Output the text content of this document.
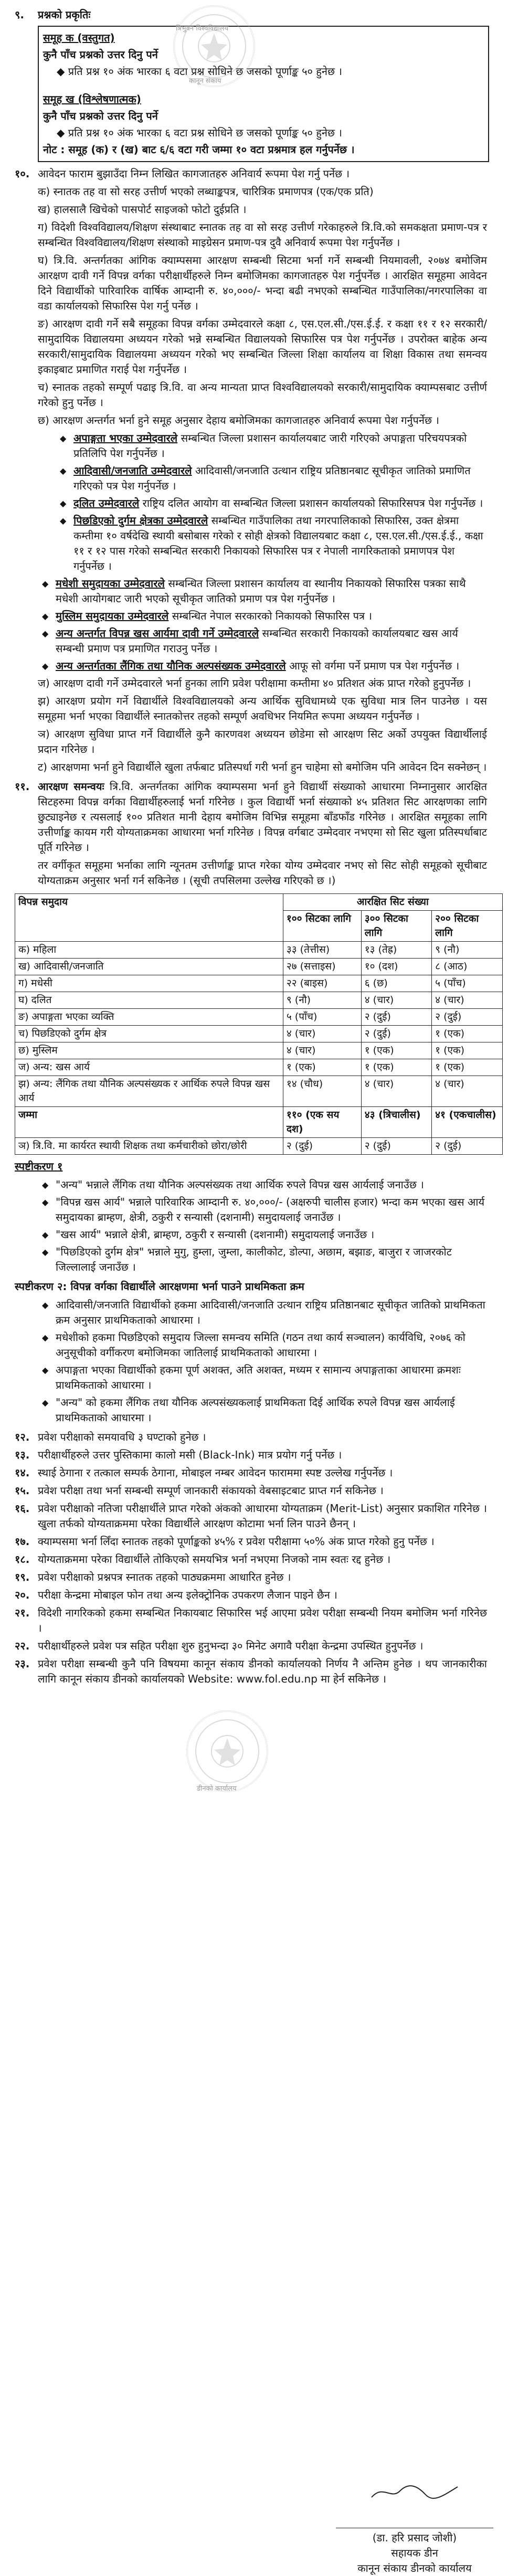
९.	प्रश्नको प्रकृतिः
समूह क (वस्तुगत)
कुनै पाँच प्रश्नको उत्तर दिनु पर्ने
◆ प्रति प्रश्न १० अंक भारका ६ वटा प्रश्न सोधिने छ जसको पूर्णाङ्क ५० हुनेछ ।
समूह ख (विश्लेषणात्मक)
कुनै पाँच प्रश्नको उत्तर दिनु पर्ने
◆ प्रति प्रश्न १० अंक भारका ६ वटा प्रश्न सोधिने छ जसको पूर्णाङ्क ५० हुनेछ ।
नोट : समूह (क) र (ख) बाट ६/६ वटा गरी जम्मा १० वटा प्रश्नमात्र हल गर्नुपर्नेछ ।
१०. आवेदन फाराम बुझाउँदा निम्न लिखित कागजातहरु अनिवार्य रूपमा पेश गर्नु पर्नेछ ।
क) स्नातक तह वा सो सरह उत्तीर्ण भएको लब्धाङ्कपत्र, चारित्रिक प्रमाणपत्र (एक/एक प्रति)
ख) हालसालै खिचेको पासपोर्ट साइजको फोटो दुईप्रति ।
ग) विदेशी विश्वविद्यालय/शिक्षण संस्थाबाट स्नातक तह वा सो सरह उत्तीर्ण गरेकाहरुले त्रि.वि.को समकक्षता प्रमाण-पत्र र सम्बन्धित विश्वविद्यालय/शिक्षण संस्थाको माइग्रेसन प्रमाण-पत्र दुवै अनिवार्य रूपमा पेश गर्नुपर्नेछ ।
घ) त्रि.वि. अन्तर्गतका आंगिक क्याम्पसमा आरक्षण सम्बन्धी सिटमा भर्ना गर्ने सम्बन्धी नियमावली, २०७४ बमोजिम आरक्षण दावी गर्ने विपन्न वर्गका परीक्षार्थीहरुले निम्न बमोजिमका कागजातहरु पेश गर्नुपर्नेछ । आरक्षित समूहमा आवेदन दिने विद्यार्थीको पारिवारिक वार्षिक आम्दानी रु. ४०,०००/- भन्दा बढी नभएको सम्बन्धित गाउँपालिका/नगरपालिका वा वडा कार्यालयको सिफारिस पेश गर्नु पर्नेछ ।
ङ) आरक्षण दावी गर्ने सबै समूहका विपन्न वर्गका उम्मेदवारले कक्षा ८, एस.एल.सी./एस.ई.ई. र कक्षा ११ र १२ सरकारी/सामुदायिक विद्यालयमा अध्ययन गरेको भन्ने सम्बन्धित विद्यालयको सिफारिस पत्र पेश गर्नुपर्नेछ । उपरोक्त बाहेक अन्य सरकारी/सामुदायिक विद्यालयमा अध्ययन गरेको भए सम्बन्धित जिल्ला शिक्षा कार्यालय वा शिक्षा विकास तथा समन्वय इकाइबाट प्रमाणित गराई पेश गर्नुपर्नेछ ।
च) स्नातक तहको सम्पूर्ण पढाइ त्रि.वि. वा अन्य मान्यता प्राप्त विश्वविद्यालयको सरकारी/सामुदायिक क्याम्पसबाट उत्तीर्ण गरेको हुनु पर्नेछ ।
छ) आरक्षण अन्तर्गत भर्ना हुने समूह अनुसार देहाय बमोजिमका कागजातहरु अनिवार्य रूपमा पेश गर्नुपर्नेछ ।
◆ अपाङ्गता भएका उम्मेदवारले सम्बन्धित जिल्ला प्रशासन कार्यालयबाट जारी गरिएको अपाङ्गता परिचयपत्रको प्रतिलिपि पेश गर्नुपर्नेछ ।
◆ आदिवासी/जनजाति उम्मेदवारले आदिवासी/जनजाति उत्थान राष्ट्रिय प्रतिष्ठानबाट सूचीकृत जातिको प्रमाणित गरिएको पत्र पेश गर्नुपर्नेछ ।
◆ दलित उम्मेदवारले राष्ट्रिय दलित आयोग वा सम्बन्धित जिल्ला प्रशासन कार्यालयको सिफारिसपत्र पेश गर्नुपर्नेछ ।
◆ पिछडिएको दुर्गम क्षेत्रका उम्मेदवारले सम्बन्धित गाउँपालिका तथा नगरपालिकाको सिफारिस, उक्त क्षेत्रमा कम्तीमा १० वर्षदेखि स्थायी बसोबास गरेको र सोही क्षेत्रको विद्यालयबाट कक्षा ८, एस.एल.सी./एस.ई.ई., कक्षा ११ र १२ पास गरेको सम्बन्धित सरकारी निकायको सिफारिस पत्र र नेपाली नागरिकताको प्रमाणपत्र पेश गर्नुपर्नेछ ।
◆ मधेशी समुदायका उम्मेदवारले सम्बन्धित जिल्ला प्रशासन कार्यालय वा स्थानीय निकायको सिफारिस पत्रका साथै मधेशी आयोगबाट जारी भएको सूचीकृत जातिको प्रमाण पत्र पेश गर्नुपर्नेछ ।
◆ मुस्लिम समुदायका उम्मेदवारले सम्बन्धित नेपाल सरकारको निकायको सिफारिस पत्र ।
◆ अन्य अन्तर्गत विपन्न खस आर्यमा दावी गर्ने उम्मेदवारले सम्बन्धित सरकारी निकायको कार्यालयबाट खस आर्य सम्बन्धी प्रमाण पत्र प्रमाणित गराउनु पर्नेछ ।
◆ अन्य अन्तर्गतका लैंगिक तथा यौनिक अल्पसंख्यक उम्मेदवारले आफू सो वर्गमा पर्ने प्रमाण पत्र पेश गर्नुपर्नेछ ।
ज) आरक्षण दावी गर्ने उम्मेदवारले भर्ना हुनका लागि प्रवेश परीक्षामा कम्तीमा ४० प्रतिशत अंक प्राप्त गरेको हुनुपर्नेछ ।
झ) आरक्षण प्रयोग गर्ने विद्यार्थीले विश्वविद्यालयको अन्य आर्थिक सुविधामध्ये एक सुविधा मात्र लिन पाउनेछ । यस समूहमा भर्ना भएका विद्यार्थीले स्नातकोत्तर तहको सम्पूर्ण अवधिभर नियमित रूपमा अध्ययन गर्नुपर्नेछ ।
ञ) आरक्षण सुविधा प्राप्त गर्ने विद्यार्थीले कुनै कारणवश अध्ययन छोडेमा सो आरक्षण सिट अर्को उपयुक्त विद्यार्थीलाई प्रदान गरिनेछ ।
ट) आरक्षणमा भर्ना हुने विद्यार्थीले खुला तर्फबाट प्रतिस्पर्धा गरी भर्ना हुन चाहेमा सो बमोजिम पनि आवेदन दिन सक्नेछन् ।
११. आरक्षण समन्वयः त्रि.वि. अन्तर्गतका आंगिक क्याम्पसमा भर्ना हुने विद्यार्थी संख्याको आधारमा निम्नानुसार आरक्षित सिटहरुमा विपन्न वर्गका विद्यार्थीहरुलाई भर्ना गरिनेछ । कुल विद्यार्थी भर्ना संख्याको ४५ प्रतिशत सिट आरक्षणका लागि छुट्याइनेछ र त्यसलाई १०० प्रतिशत मानी देहाय बमोजिम विभिन्न समूहमा बाँडफाँड गरिनेछ । आरक्षित समूहका लागि उत्तीर्णाङ्क कायम गरी योग्यताक्रमका आधारमा भर्ना गरिनेछ । विपन्न वर्गबाट उम्मेदवार नभएमा सो सिट खुला प्रतिस्पर्धाबाट पूर्ति गरिनेछ ।
तर वर्गीकृत समूहमा भर्नाका लागि न्यूनतम उत्तीर्णाङ्क प्राप्त गरेका योग्य उम्मेदवार नभए सो सिट सोही समूहको सूचीबाट योग्यताक्रम अनुसार भर्ना गर्न सकिनेछ । (सूची तपसिलमा उल्लेख गरिएको छ ।)
विपन्न समुदाय	आरक्षित सिट संख्या		
	१०० सिटका लागि	३०० सिटका लागि	२०० सिटका लागि
क) महिला	३३ (तेत्तीस)	१३ (तेह्र)	९ (नौ)
ख) आदिवासी/जनजाति	२७ (सत्ताइस)	१० (दश)	८ (आठ)
ग) मधेसी	२२ (बाइस)	६ (छ)	५ (पाँच)
घ) दलित	९ (नौ)	४ (चार)	४ (चार)
ङ) अपाङ्गता भएका व्यक्ति	५ (पाँच)	२ (दुई)	२ (दुई)
च) पिछडिएको दुर्गम क्षेत्र	४ (चार)	२ (दुई)	१ (एक)
छ) मुस्लिम	४ (चार)	१ (एक)	१ (एक)
ज) अन्य: खस आर्य	१ (एक)	१ (एक)	१ (एक)
झ) अन्य: लैंगिक तथा यौनिक अल्पसंख्यक र आर्थिक रुपले विपन्न खस आर्य	१४ (चौध)	४ (चार)	४ (चार)
जम्मा	११० (एक सय दश)	४३ (त्रिचालीस)	४१ (एकचालीस)
ञ) त्रि.वि. मा कार्यरत स्थायी शिक्षक तथा कर्मचारीको छोरा/छोरी	२ (दुई)	२ (दुई)	२ (दुई)
स्पष्टीकरण १
◆ "अन्य" भन्नाले लैंगिक तथा यौनिक अल्पसंख्यक तथा आर्थिक रुपले विपन्न खस आर्यलाई जनाउँछ ।
◆ "विपन्न खस आर्य" भन्नाले पारिवारिक आम्दानी रु. ४०,०००/- (अक्षरुपी चालीस हजार) भन्दा कम भएका खस आर्य समुदायका ब्राम्हण, क्षेत्री, ठकुरी र सन्यासी (दशनामी) समुदायलाई जनाउँछ ।
◆ "खस आर्य" भन्नाले क्षेत्री, ब्राम्हण, ठकुरी र सन्यासी (दशनामी) समुदायलाई जनाउँछ ।
◆ "पिछडिएको दुर्गम क्षेत्र" भन्नाले मुगु, हुम्ला, जुम्ला, कालीकोट, डोल्पा, अछाम, बझाङ, बाजुरा र जाजरकोट जिल्लालाई जनाउँछ ।
स्पष्टीकरण २: विपन्न वर्गका विद्यार्थीले आरक्षणमा भर्ना पाउने प्राथमिकता क्रम
◆ आदिवासी/जनजाति विद्यार्थीको हकमा आदिवासी/जनजाति उत्थान राष्ट्रिय प्रतिष्ठानबाट सूचीकृत जातिको प्राथमिकता क्रम अनुसार प्राथमिकताको आधारमा ।
◆ मधेशीको हकमा पिछडिएको समुदाय जिल्ला समन्वय समिति (गठन तथा कार्य सञ्चालन) कार्यविधि, २०७६ को अनुसूचीको वर्गीकरण बमोजिमका जातिलाई प्राथमिकताको आधारमा ।
◆ अपाङ्गता भएका विद्यार्थीको हकमा पूर्ण अशक्त, अति अशक्त, मध्यम र सामान्य अपाङ्गताका आधारमा क्रमशः प्राथमिकताको आधारमा ।
◆ "अन्य" को हकमा लैंगिक तथा यौनिक अल्पसंख्यकलाई प्राथमिकता दिई आर्थिक रुपले विपन्न खस आर्यलाई प्राथमिकताको आधारमा ।
१२. प्रवेश परीक्षाको समयावधि ३ घण्टाको हुनेछ ।
१३. परीक्षार्थीहरुले उत्तर पुस्तिकामा कालो मसी (Black-Ink) मात्र प्रयोग गर्नु पर्नेछ ।
१४. स्थाई ठेगाना र तत्काल सम्पर्क ठेगाना, मोबाइल नम्बर आवेदन फाराममा स्पष्ट उल्लेख गर्नुपर्नेछ ।
१५. प्रवेश परीक्षा तथा भर्ना सम्बन्धी सम्पूर्ण जानकारी संकायको वेबसाइटबाट प्राप्त गर्न सकिनेछ ।
१६. प्रवेश परीक्षाको नतिजा परीक्षार्थीले प्राप्त गरेको अंकको आधारमा योग्यताक्रम (Merit-List) अनुसार प्रकाशित गरिनेछ । खुला तर्फको योग्यताक्रममा परेका विद्यार्थीले आरक्षण कोटामा भर्ना लिन पाउने छैनन् ।
१७. क्याम्पसमा भर्ना लिँदा स्नातक तहको पूर्णाङ्कको ४५% र प्रवेश परीक्षामा ५०% अंक प्राप्त गरेको हुनु पर्नेछ ।
१८. योग्यताक्रममा परेका विद्यार्थीले तोकिएको समयभित्र भर्ना नभएमा निजको नाम स्वतः रद्द हुनेछ ।
१९. प्रवेश परीक्षाको प्रश्नपत्र स्नातक तहको पाठ्यक्रममा आधारित हुनेछ ।
२०. परीक्षा केन्द्रमा मोबाइल फोन तथा अन्य इलेक्ट्रोनिक उपकरण लैजान पाइने छैन ।
२१. विदेशी नागरिकको हकमा सम्बन्धित निकायबाट सिफारिस भई आएमा प्रवेश परीक्षा सम्बन्धी नियम बमोजिम भर्ना गरिनेछ ।
२२. परीक्षार्थीहरुले प्रवेश पत्र सहित परीक्षा शुरु हुनुभन्दा ३० मिनेट अगावै परीक्षा केन्द्रमा उपस्थित हुनुपर्नेछ ।
२३. प्रवेश परीक्षा सम्बन्धी कुनै पनि विषयमा कानून संकाय डीनको कार्यालयको निर्णय नै अन्तिम हुनेछ । थप जानकारीका लागि कानून संकाय डीनको कार्यालयको Website: www.fol.edu.np मा हेर्न सकिनेछ ।
त्रिभुवन विश्वविद्यालय
कानून संकाय
डीनको कार्यालय
(डा. हरि प्रसाद जोशी)
सहायक डीन
कानून संकाय डीनको कार्यालय
